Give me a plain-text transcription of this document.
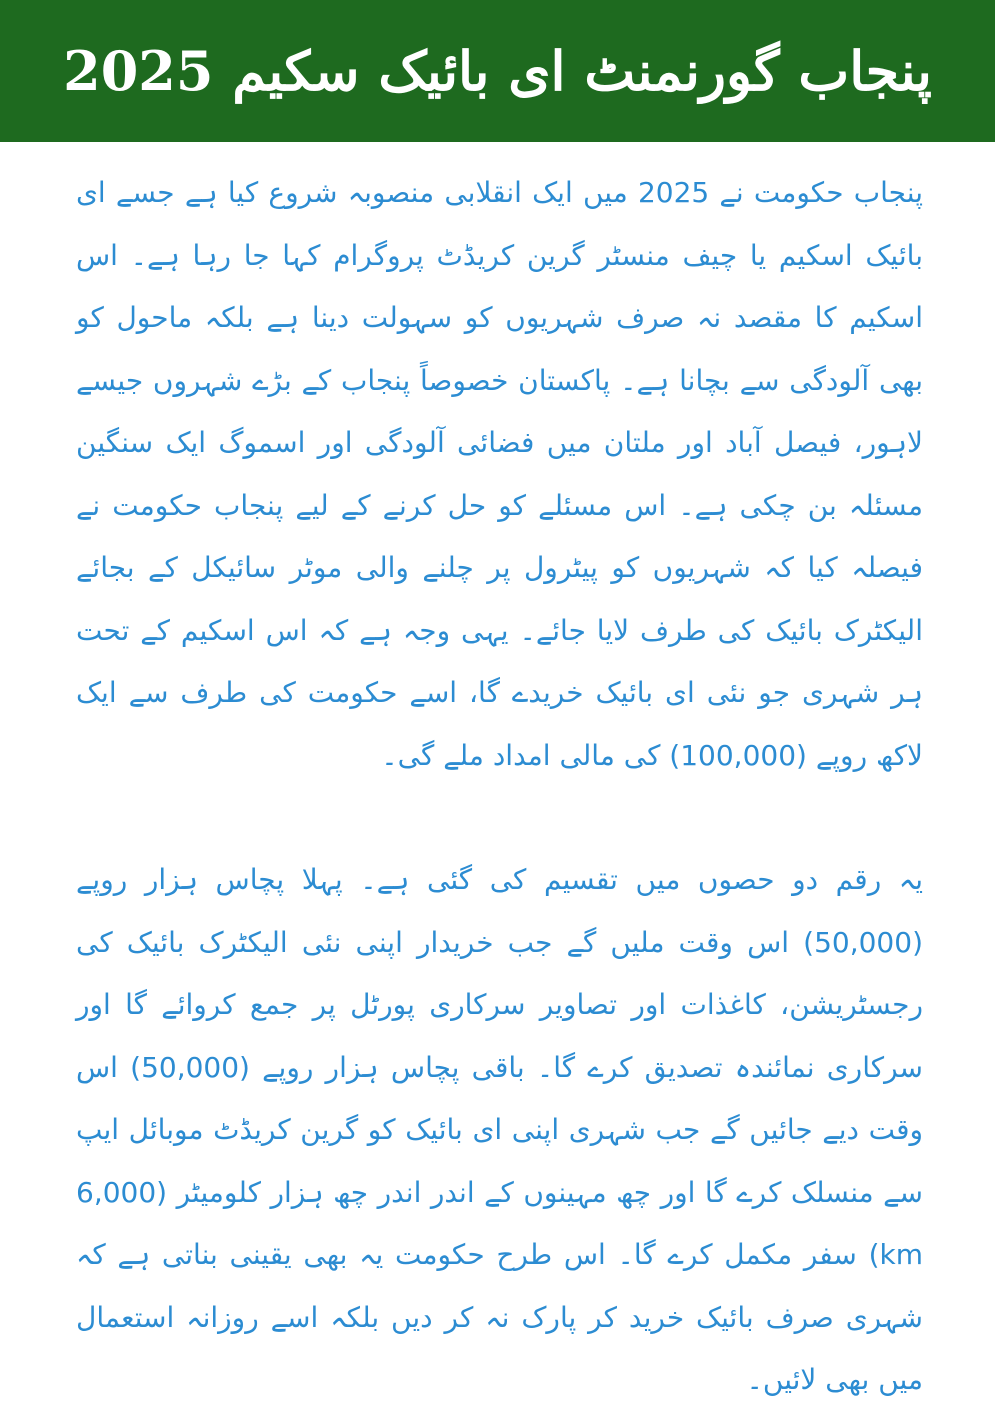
پنجاب گورنمنٹ ای بائیک سکیم 2025

پنجاب حکومت نے 2025 میں ایک انقلابی منصوبہ شروع کیا ہے جسے ای بائیک اسکیم یا چیف منسٹر گرین کریڈٹ پروگرام کہا جا رہا ہے۔ اس اسکیم کا مقصد نہ صرف شہریوں کو سہولت دینا ہے بلکہ ماحول کو بھی آلودگی سے بچانا ہے۔ پاکستان خصوصاً پنجاب کے بڑے شہروں جیسے لاہور، فیصل آباد اور ملتان میں فضائی آلودگی اور اسموگ ایک سنگین مسئلہ بن چکی ہے۔ اس مسئلے کو حل کرنے کے لیے پنجاب حکومت نے فیصلہ کیا کہ شہریوں کو پیٹرول پر چلنے والی موٹر سائیکل کے بجائے الیکٹرک بائیک کی طرف لایا جائے۔ یہی وجہ ہے کہ اس اسکیم کے تحت ہر شہری جو نئی ای بائیک خریدے گا، اسے حکومت کی طرف سے ایک لاکھ روپے (100,000) کی مالی امداد ملے گی۔

یہ رقم دو حصوں میں تقسیم کی گئی ہے۔ پہلا پچاس ہزار روپے (50,000) اس وقت ملیں گے جب خریدار اپنی نئی الیکٹرک بائیک کی رجسٹریشن، کاغذات اور تصاویر سرکاری پورٹل پر جمع کروائے گا اور سرکاری نمائندہ تصدیق کرے گا۔ باقی پچاس ہزار روپے (50,000) اس وقت دیے جائیں گے جب شہری اپنی ای بائیک کو گرین کریڈٹ موبائل ایپ سے منسلک کرے گا اور چھ مہینوں کے اندر اندر چھ ہزار کلومیٹر (6,000 km) سفر مکمل کرے گا۔ اس طرح حکومت یہ بھی یقینی بناتی ہے کہ شہری صرف بائیک خرید کر پارک نہ کر دیں بلکہ اسے روزانہ استعمال میں بھی لائیں۔
